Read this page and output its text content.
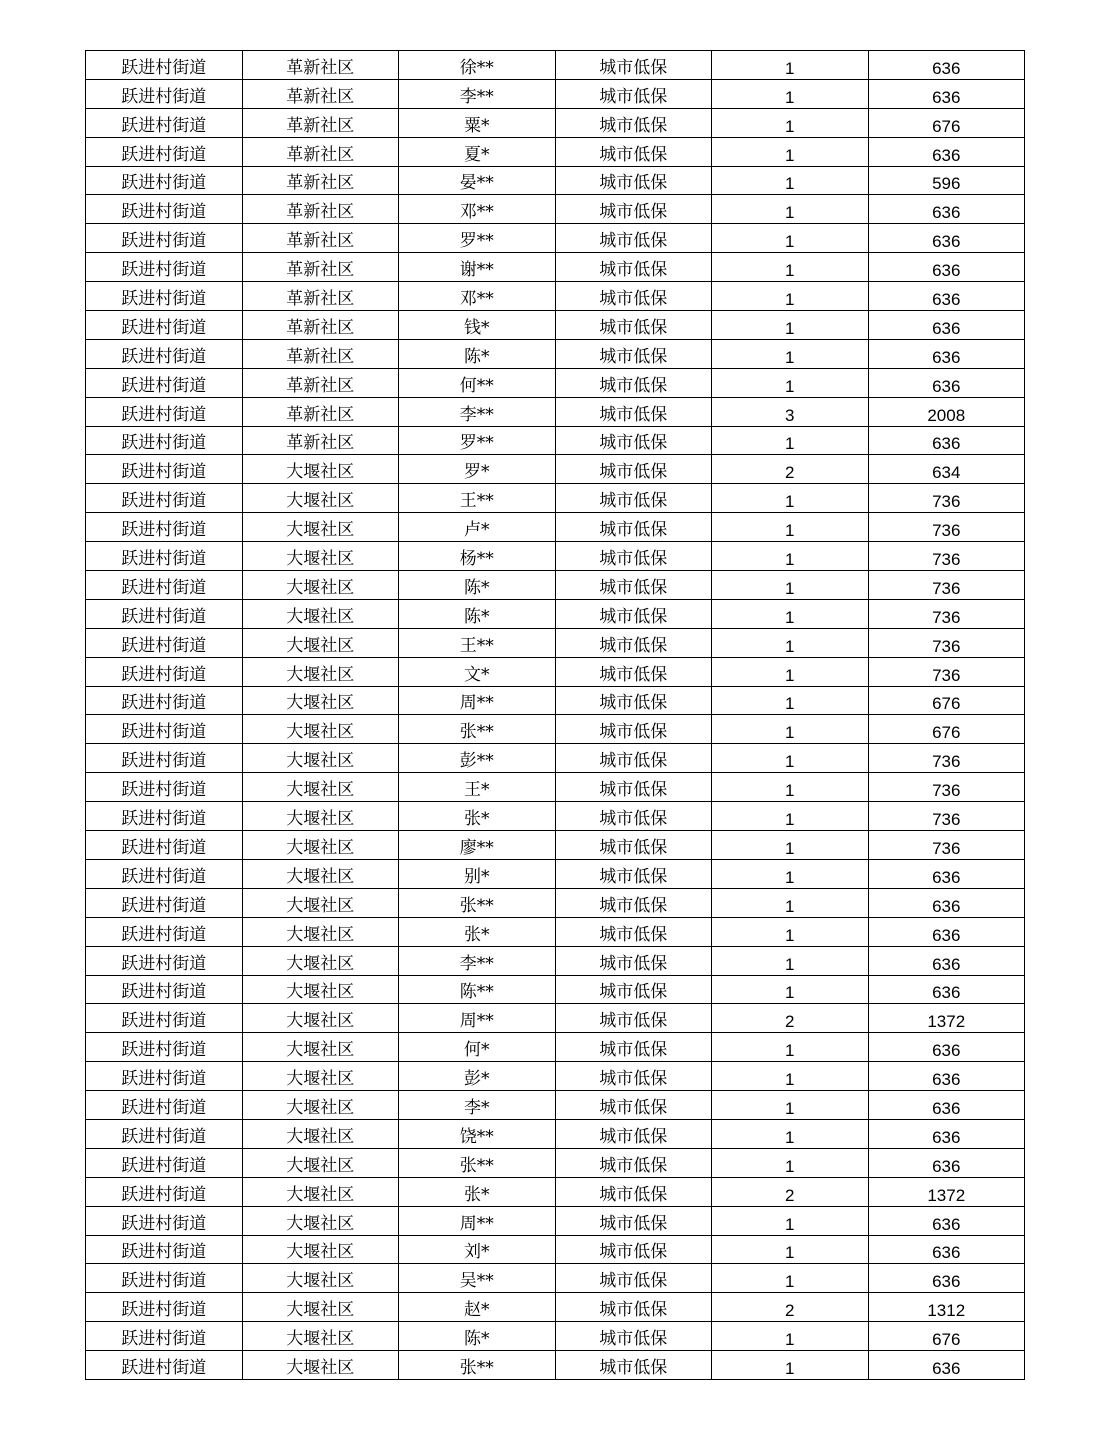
跃进村街道	革新社区	徐**	城市低保	1	636
跃进村街道	革新社区	李**	城市低保	1	636
跃进村街道	革新社区	粟*	城市低保	1	676
跃进村街道	革新社区	夏*	城市低保	1	636
跃进村街道	革新社区	晏**	城市低保	1	596
跃进村街道	革新社区	邓**	城市低保	1	636
跃进村街道	革新社区	罗**	城市低保	1	636
跃进村街道	革新社区	谢**	城市低保	1	636
跃进村街道	革新社区	邓**	城市低保	1	636
跃进村街道	革新社区	钱*	城市低保	1	636
跃进村街道	革新社区	陈*	城市低保	1	636
跃进村街道	革新社区	何**	城市低保	1	636
跃进村街道	革新社区	李**	城市低保	3	2008
跃进村街道	革新社区	罗**	城市低保	1	636
跃进村街道	大堰社区	罗*	城市低保	2	634
跃进村街道	大堰社区	王**	城市低保	1	736
跃进村街道	大堰社区	卢*	城市低保	1	736
跃进村街道	大堰社区	杨**	城市低保	1	736
跃进村街道	大堰社区	陈*	城市低保	1	736
跃进村街道	大堰社区	陈*	城市低保	1	736
跃进村街道	大堰社区	王**	城市低保	1	736
跃进村街道	大堰社区	文*	城市低保	1	736
跃进村街道	大堰社区	周**	城市低保	1	676
跃进村街道	大堰社区	张**	城市低保	1	676
跃进村街道	大堰社区	彭**	城市低保	1	736
跃进村街道	大堰社区	王*	城市低保	1	736
跃进村街道	大堰社区	张*	城市低保	1	736
跃进村街道	大堰社区	廖**	城市低保	1	736
跃进村街道	大堰社区	别*	城市低保	1	636
跃进村街道	大堰社区	张**	城市低保	1	636
跃进村街道	大堰社区	张*	城市低保	1	636
跃进村街道	大堰社区	李**	城市低保	1	636
跃进村街道	大堰社区	陈**	城市低保	1	636
跃进村街道	大堰社区	周**	城市低保	2	1372
跃进村街道	大堰社区	何*	城市低保	1	636
跃进村街道	大堰社区	彭*	城市低保	1	636
跃进村街道	大堰社区	李*	城市低保	1	636
跃进村街道	大堰社区	饶**	城市低保	1	636
跃进村街道	大堰社区	张**	城市低保	1	636
跃进村街道	大堰社区	张*	城市低保	2	1372
跃进村街道	大堰社区	周**	城市低保	1	636
跃进村街道	大堰社区	刘*	城市低保	1	636
跃进村街道	大堰社区	吴**	城市低保	1	636
跃进村街道	大堰社区	赵*	城市低保	2	1312
跃进村街道	大堰社区	陈*	城市低保	1	676
跃进村街道	大堰社区	张**	城市低保	1	636
